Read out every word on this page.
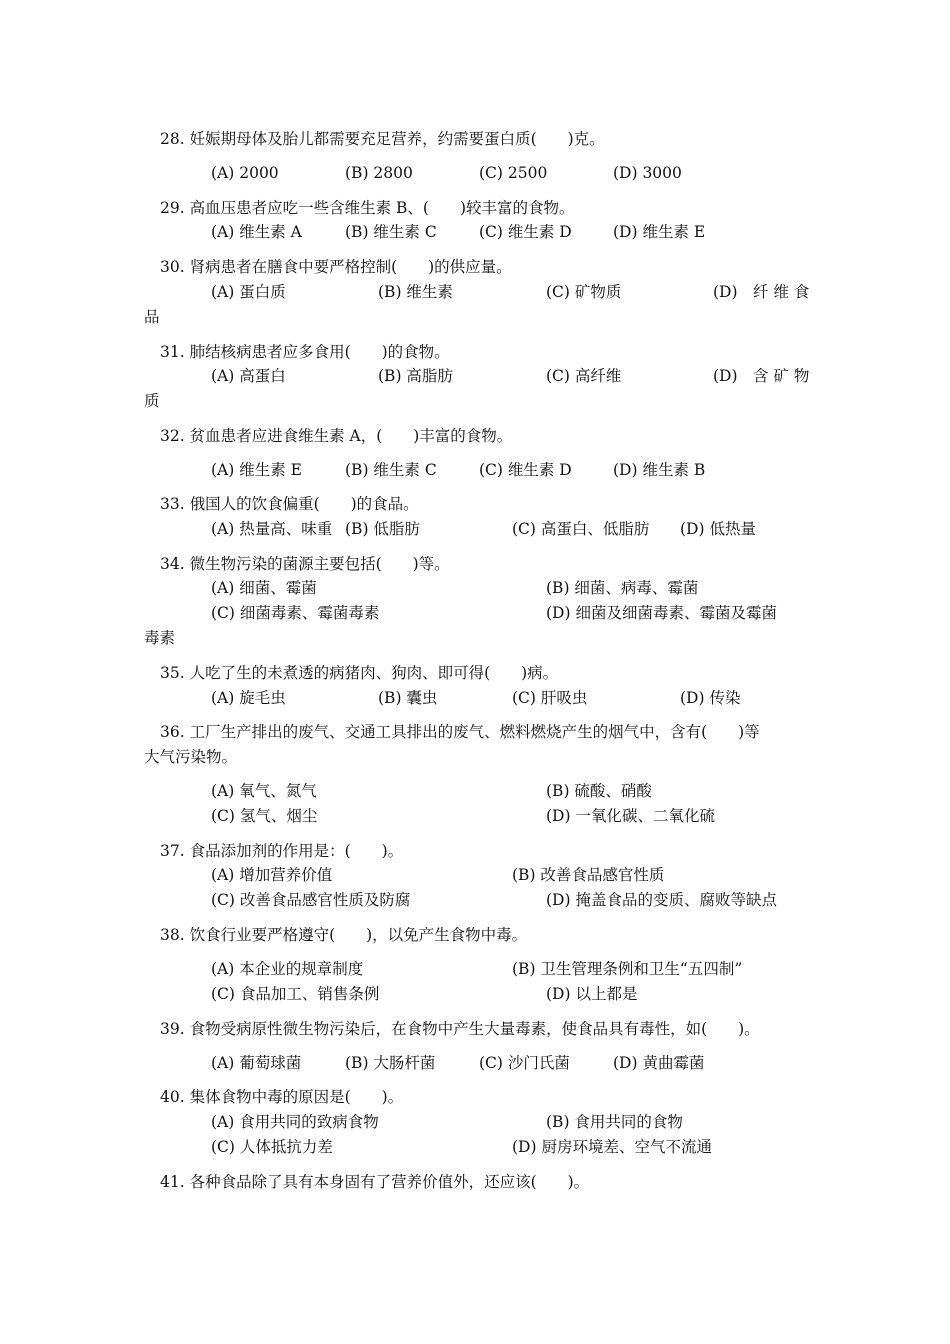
28. 妊娠期母体及胎儿都需要充足营养，约需要蛋白质(　　)克。
(A) 2000	(B) 2800	(C) 2500	(D) 3000
29. 高血压患者应吃一些含维生素 B、(　　)较丰富的食物。
(A) 维生素 A	(B) 维生素 C	(C) 维生素 D	(D) 维生素 E
30. 肾病患者在膳食中要严格控制(　　)的供应量。
(A) 蛋白质	(B) 维生素	(C) 矿物质	(D)　纤 维 食
品
31. 肺结核病患者应多食用(　　)的食物。
(A) 高蛋白	(B) 高脂肪	(C) 高纤维	(D)　含 矿 物
质
32. 贫血患者应进食维生素 A，(　　)丰富的食物。
(A) 维生素 E	(B) 维生素 C	(C) 维生素 D	(D) 维生素 B
33. 俄国人的饮食偏重(　　)的食品。
(A) 热量高、味重 (B) 低脂肪	(C) 高蛋白、低脂肪 (D) 低热量
34. 微生物污染的菌源主要包括(　　)等。
(A) 细菌、霉菌	(B) 细菌、病毒、霉菌
(C) 细菌毒素、霉菌毒素	(D) 细菌及细菌毒素、霉菌及霉菌
毒素
35. 人吃了生的未煮透的病猪肉、狗肉、即可得(　　)病。
(A) 旋毛虫	(B) 囊虫	(C) 肝吸虫	(D) 传染
36. 工厂生产排出的废气、交通工具排出的废气、燃料燃烧产生的烟气中，含有(　　)等
大气污染物。
(A) 氧气、氮气	(B) 硫酸、硝酸
(C) 氢气、烟尘	(D) 一氧化碳、二氧化硫
37. 食品添加剂的作用是：(　　)。
(A) 增加营养价值	(B) 改善食品感官性质
(C) 改善食品感官性质及防腐	(D) 掩盖食品的变质、腐败等缺点
38. 饮食行业要严格遵守(　　)，以免产生食物中毒。
(A) 本企业的规章制度	(B) 卫生管理条例和卫生“五四制”
(C) 食品加工、销售条例	(D) 以上都是
39. 食物受病原性微生物污染后，在食物中产生大量毒素，使食品具有毒性，如(　　)。
(A) 葡萄球菌	(B) 大肠杆菌	(C) 沙门氏菌	(D) 黄曲霉菌
40. 集体食物中毒的原因是(　　)。
(A) 食用共同的致病食物	(B) 食用共同的食物
(C) 人体抵抗力差	(D) 厨房环境差、空气不流通
41. 各种食品除了具有本身固有了营养价值外，还应该(　　)。
